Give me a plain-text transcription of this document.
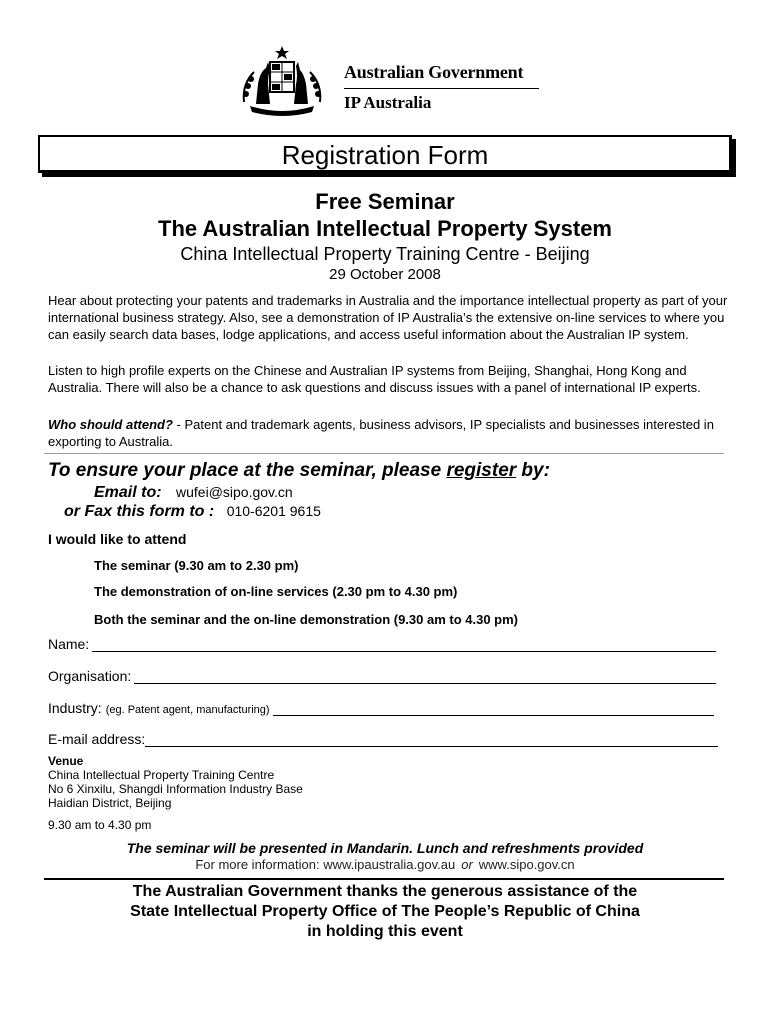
Australian Government
IP Australia
Registration Form
Free Seminar
The Australian Intellectual Property System
China Intellectual Property Training Centre - Beijing
29 October 2008
Hear about protecting your patents and trademarks in Australia and the importance intellectual property as part of your international business strategy. Also, see a demonstration of IP Australia’s the extensive on-line services to where you can easily search data bases, lodge applications, and access useful information about the Australian IP system.
Listen to high profile experts on the Chinese and Australian IP systems from Beijing, Shanghai, Hong Kong and Australia. There will also be a chance to ask questions and discuss issues with a panel of international IP experts.
Who should attend? - Patent and trademark agents, business advisors, IP specialists and businesses interested in exporting to Australia.
To ensure your place at the seminar, please register by:
Email to: wufei@sipo.gov.cn
or Fax this form to : 010-6201 9615
I would like to attend
The seminar (9.30 am to 2.30 pm)
The demonstration of on-line services (2.30 pm to 4.30 pm)
Both the seminar and the on-line demonstration (9.30 am to 4.30 pm)
Name:
Organisation:
Industry: (eg. Patent agent, manufacturing)
E-mail address:
Venue
China Intellectual Property Training Centre
No 6 Xinxilu, Shangdi Information Industry Base
Haidian District, Beijing
9.30 am to 4.30 pm
The seminar will be presented in Mandarin. Lunch and refreshments provided
For more information: www.ipaustralia.gov.au or www.sipo.gov.cn
The Australian Government thanks the generous assistance of the
State Intellectual Property Office of The People’s Republic of China
in holding this event
